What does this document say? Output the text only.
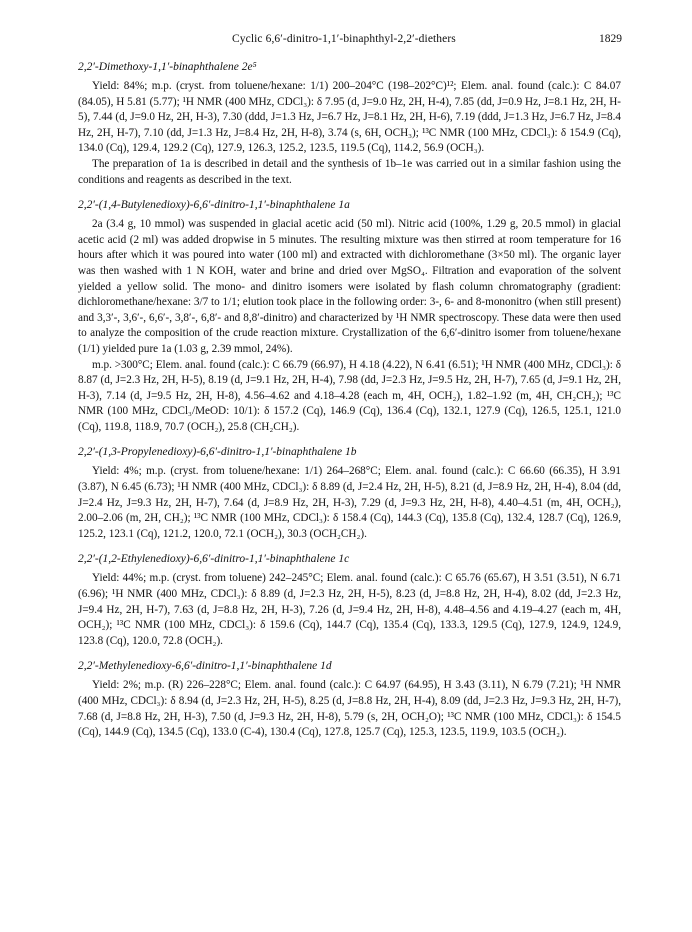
Cyclic 6,6′-dinitro-1,1′-binaphthyl-2,2′-diethers	1829
2,2′-Dimethoxy-1,1′-binaphthalene 2e⁵

Yield: 84%; m.p. (cryst. from toluene/hexane: 1/1) 200–204°C (198–202°C)¹²; Elem. anal. found (calc.): C 84.07 (84.05), H 5.81 (5.77); ¹H NMR (400 MHz, CDCl₃): δ 7.95 (d, J=9.0 Hz, 2H, H-4), 7.85 (dd, J=0.9 Hz, J=8.1 Hz, 2H, H-5), 7.44 (d, J=9.0 Hz, 2H, H-3), 7.30 (ddd, J=1.3 Hz, J=6.7 Hz, J=8.1 Hz, 2H, H-6), 7.19 (ddd, J=1.3 Hz, J=6.7 Hz, J=8.4 Hz, 2H, H-7), 7.10 (dd, J=1.3 Hz, J=8.4 Hz, 2H, H-8), 3.74 (s, 6H, OCH₃); ¹³C NMR (100 MHz, CDCl₃): δ 154.9 (Cq), 134.0 (Cq), 129.4, 129.2 (Cq), 127.9, 126.3, 125.2, 123.5, 119.5 (Cq), 114.2, 56.9 (OCH₃).

The preparation of 1a is described in detail and the synthesis of 1b–1e was carried out in a similar fashion using the conditions and reagents as described in the text.

2,2′-(1,4-Butylenedioxy)-6,6′-dinitro-1,1′-binaphthalene 1a

2a (3.4 g, 10 mmol) was suspended in glacial acetic acid (50 ml). Nitric acid (100%, 1.29 g, 20.5 mmol) in glacial acetic acid (2 ml) was added dropwise in 5 minutes. The resulting mixture was then stirred at room temperature for 16 hours after which it was poured into water (100 ml) and extracted with dichloromethane (3×50 ml). The organic layer was then washed with 1 N KOH, water and brine and dried over MgSO₄. Filtration and evaporation of the solvent yielded a yellow solid. The mono- and dinitro isomers were isolated by flash column chromatography (gradient: dichloromethane/hexane: 3/7 to 1/1; elution took place in the following order: 3-, 6- and 8-mononitro (when still present) and 3,3′-, 3,6′-, 6,6′-, 3,8′-, 6,8′- and 8,8′-dinitro) and characterized by ¹H NMR spectroscopy. These data were then used to analyze the composition of the crude reaction mixture. Crystallization of the 6,6′-dinitro isomer from toluene/hexane (1/1) yielded pure 1a (1.03 g, 2.39 mmol, 24%).

m.p. >300°C; Elem. anal. found (calc.): C 66.79 (66.97), H 4.18 (4.22), N 6.41 (6.51); ¹H NMR (400 MHz, CDCl₃): δ 8.87 (d, J=2.3 Hz, 2H, H-5), 8.19 (d, J=9.1 Hz, 2H, H-4), 7.98 (dd, J=2.3 Hz, J=9.5 Hz, 2H, H-7), 7.65 (d, J=9.1 Hz, 2H, H-3), 7.14 (d, J=9.5 Hz, 2H, H-8), 4.56–4.62 and 4.18–4.28 (each m, 4H, OCH₂), 1.82–1.92 (m, 4H, CH₂CH₂); ¹³C NMR (100 MHz, CDCl₃/MeOD: 10/1): δ 157.2 (Cq), 146.9 (Cq), 136.4 (Cq), 132.1, 127.9 (Cq), 126.5, 125.1, 121.0 (Cq), 119.8, 118.9, 70.7 (OCH₂), 25.8 (CH₂CH₂).

2,2′-(1,3-Propylenedioxy)-6,6′-dinitro-1,1′-binaphthalene 1b

Yield: 4%; m.p. (cryst. from toluene/hexane: 1/1) 264–268°C; Elem. anal. found (calc.): C 66.60 (66.35), H 3.91 (3.87), N 6.45 (6.73); ¹H NMR (400 MHz, CDCl₃): δ 8.89 (d, J=2.4 Hz, 2H, H-5), 8.21 (d, J=8.9 Hz, 2H, H-4), 8.04 (dd, J=2.4 Hz, J=9.3 Hz, 2H, H-7), 7.64 (d, J=8.9 Hz, 2H, H-3), 7.29 (d, J=9.3 Hz, 2H, H-8), 4.40–4.51 (m, 4H, OCH₂), 2.00–2.06 (m, 2H, CH₂); ¹³C NMR (100 MHz, CDCl₃): δ 158.4 (Cq), 144.3 (Cq), 135.8 (Cq), 132.4, 128.7 (Cq), 126.9, 125.2, 123.1 (Cq), 121.2, 120.0, 72.1 (OCH₂), 30.3 (OCH₂CH₂).

2,2′-(1,2-Ethylenedioxy)-6,6′-dinitro-1,1′-binaphthalene 1c

Yield: 44%; m.p. (cryst. from toluene) 242–245°C; Elem. anal. found (calc.): C 65.76 (65.67), H 3.51 (3.51), N 6.71 (6.96); ¹H NMR (400 MHz, CDCl₃): δ 8.89 (d, J=2.3 Hz, 2H, H-5), 8.23 (d, J=8.8 Hz, 2H, H-4), 8.02 (dd, J=2.3 Hz, J=9.4 Hz, 2H, H-7), 7.63 (d, J=8.8 Hz, 2H, H-3), 7.26 (d, J=9.4 Hz, 2H, H-8), 4.48–4.56 and 4.19–4.27 (each m, 4H, OCH₂); ¹³C NMR (100 MHz, CDCl₃): δ 159.6 (Cq), 144.7 (Cq), 135.4 (Cq), 133.3, 129.5 (Cq), 127.9, 124.9, 124.9, 123.8 (Cq), 120.0, 72.8 (OCH₂).

2,2′-Methylenedioxy-6,6′-dinitro-1,1′-binaphthalene 1d

Yield: 2%; m.p. (R) 226–228°C; Elem. anal. found (calc.): C 64.97 (64.95), H 3.43 (3.11), N 6.79 (7.21); ¹H NMR (400 MHz, CDCl₃): δ 8.94 (d, J=2.3 Hz, 2H, H-5), 8.25 (d, J=8.8 Hz, 2H, H-4), 8.09 (dd, J=2.3 Hz, J=9.3 Hz, 2H, H-7), 7.68 (d, J=8.8 Hz, 2H, H-3), 7.50 (d, J=9.3 Hz, 2H, H-8), 5.79 (s, 2H, OCH₂O); ¹³C NMR (100 MHz, CDCl₃): δ 154.5 (Cq), 144.9 (Cq), 134.5 (Cq), 133.0 (C-4), 130.4 (Cq), 127.8, 125.7 (Cq), 125.3, 123.5, 119.9, 103.5 (OCH₂).
